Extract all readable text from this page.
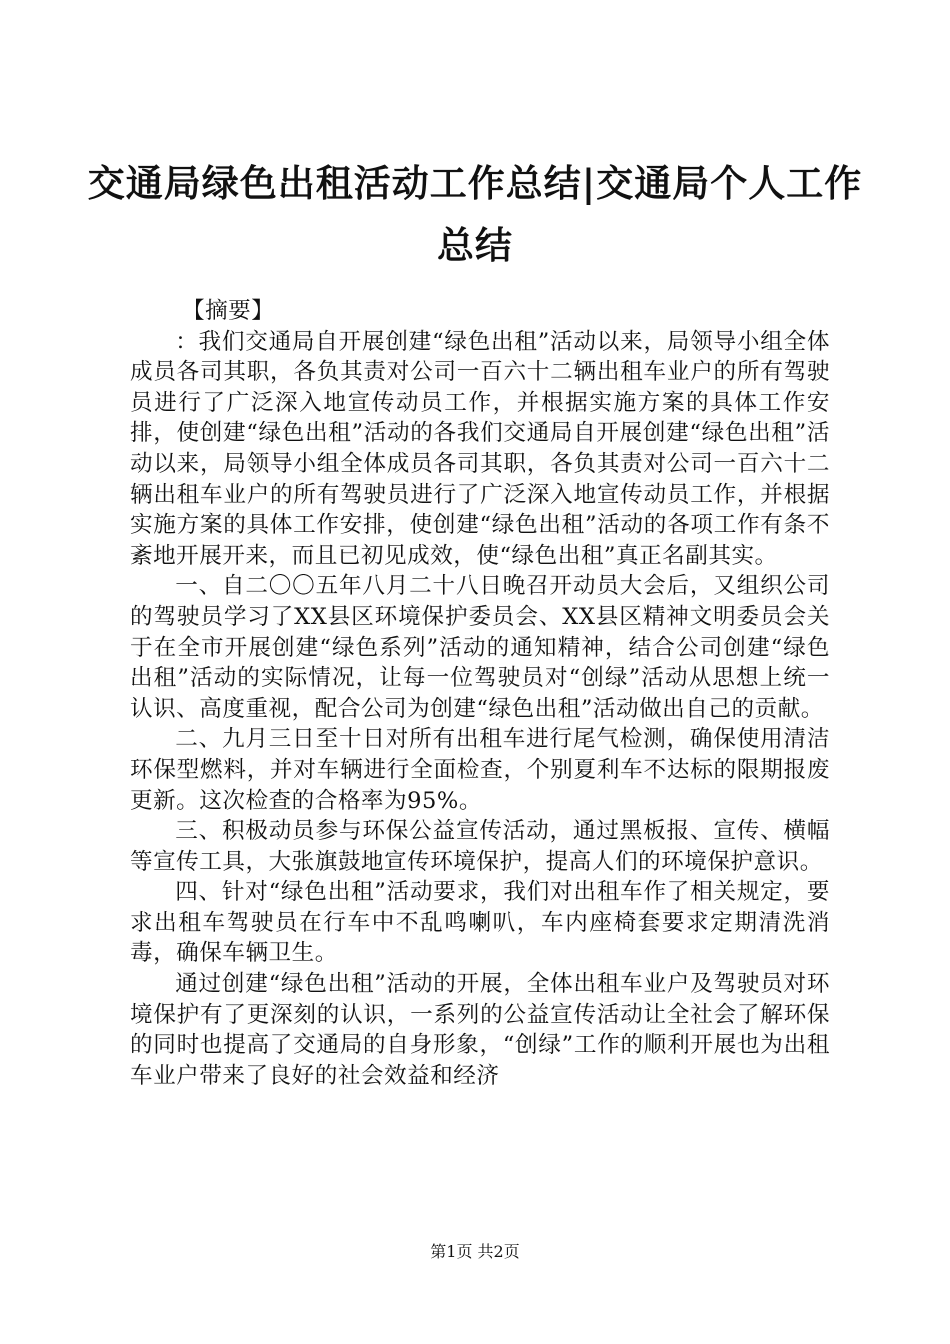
交通局绿色出租活动工作总结|交通局个人工作总结

【摘要】

：我们交通局自开展创建“绿色出租”活动以来，局领导小组全体成员各司其职，各负其责对公司一百六十二辆出租车业户的所有驾驶员进行了广泛深入地宣传动员工作，并根据实施方案的具体工作安排，使创建“绿色出租”活动的各我们交通局自开展创建“绿色出租”活动以来，局领导小组全体成员各司其职，各负其责对公司一百六十二辆出租车业户的所有驾驶员进行了广泛深入地宣传动员工作，并根据实施方案的具体工作安排，使创建“绿色出租”活动的各项工作有条不紊地开展开来，而且已初见成效，使“绿色出租”真正名副其实。

一、自二〇〇五年八月二十八日晚召开动员大会后，又组织公司的驾驶员学习了XX县区环境保护委员会、XX县区精神文明委员会关于在全市开展创建“绿色系列”活动的通知精神，结合公司创建“绿色出租”活动的实际情况，让每一位驾驶员对“创绿”活动从思想上统一认识、高度重视，配合公司为创建“绿色出租”活动做出自己的贡献。

二、九月三日至十日对所有出租车进行尾气检测，确保使用清洁环保型燃料，并对车辆进行全面检查，个别夏利车不达标的限期报废更新。这次检查的合格率为95%。

三、积极动员参与环保公益宣传活动，通过黑板报、宣传、横幅等宣传工具，大张旗鼓地宣传环境保护，提高人们的环境保护意识。

四、针对“绿色出租”活动要求，我们对出租车作了相关规定，要求出租车驾驶员在行车中不乱鸣喇叭，车内座椅套要求定期清洗消毒，确保车辆卫生。

通过创建“绿色出租”活动的开展，全体出租车业户及驾驶员对环境保护有了更深刻的认识，一系列的公益宣传活动让全社会了解环保的同时也提高了交通局的自身形象，“创绿”工作的顺利开展也为出租车业户带来了良好的社会效益和经济

第1页 共2页
